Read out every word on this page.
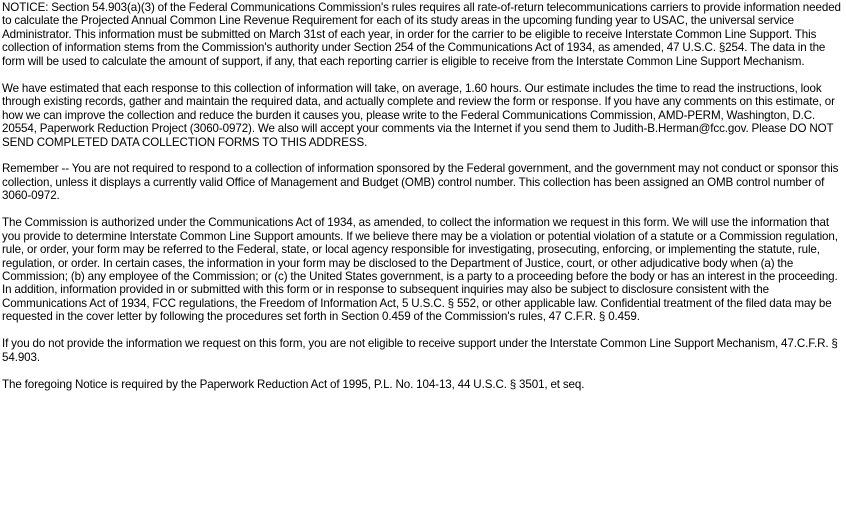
NOTICE: Section 54.903(a)(3) of the Federal Communications Commission's rules requires all rate-of-return telecommunications carriers to provide information needed to calculate the Projected Annual Common Line Revenue Requirement for each of its study areas in the upcoming funding year to USAC, the universal service Administrator. This information must be submitted on March 31st of each year, in order for the carrier to be eligible to receive Interstate Common Line Support. This collection of information stems from the Commission's authority under Section 254 of the Communications Act of 1934, as amended, 47 U.S.C. §254. The data in the form will be used to calculate the amount of support, if any, that each reporting carrier is eligible to receive from the Interstate Common Line Support Mechanism.

We have estimated that each response to this collection of information will take, on average, 1.60 hours. Our estimate includes the time to read the instructions, look through existing records, gather and maintain the required data, and actually complete and review the form or response. If you have any comments on this estimate, or how we can improve the collection and reduce the burden it causes you, please write to the Federal Communications Commission, AMD-PERM, Washington, D.C. 20554, Paperwork Reduction Project (3060-0972). We also will accept your comments via the Internet if you send them to Judith-B.Herman@fcc.gov. Please DO NOT SEND COMPLETED DATA COLLECTION FORMS TO THIS ADDRESS.

Remember -- You are not required to respond to a collection of information sponsored by the Federal government, and the government may not conduct or sponsor this collection, unless it displays a currently valid Office of Management and Budget (OMB) control number. This collection has been assigned an OMB control number of 3060-0972.

The Commission is authorized under the Communications Act of 1934, as amended, to collect the information we request in this form. We will use the information that you provide to determine Interstate Common Line Support amounts. If we believe there may be a violation or potential violation of a statute or a Commission regulation, rule, or order, your form may be referred to the Federal, state, or local agency responsible for investigating, prosecuting, enforcing, or implementing the statute, rule, regulation, or order. In certain cases, the information in your form may be disclosed to the Department of Justice, court, or other adjudicative body when (a) the Commission; (b) any employee of the Commission; or (c) the United States government, is a party to a proceeding before the body or has an interest in the proceeding. In addition, information provided in or submitted with this form or in response to subsequent inquiries may also be subject to disclosure consistent with the Communications Act of 1934, FCC regulations, the Freedom of Information Act, 5 U.S.C. § 552, or other applicable law. Confidential treatment of the filed data may be requested in the cover letter by following the procedures set forth in Section 0.459 of the Commission's rules, 47 C.F.R. § 0.459.

If you do not provide the information we request on this form, you are not eligible to receive support under the Interstate Common Line Support Mechanism, 47.C.F.R. § 54.903.

The foregoing Notice is required by the Paperwork Reduction Act of 1995, P.L. No. 104-13, 44 U.S.C. § 3501, et seq.
